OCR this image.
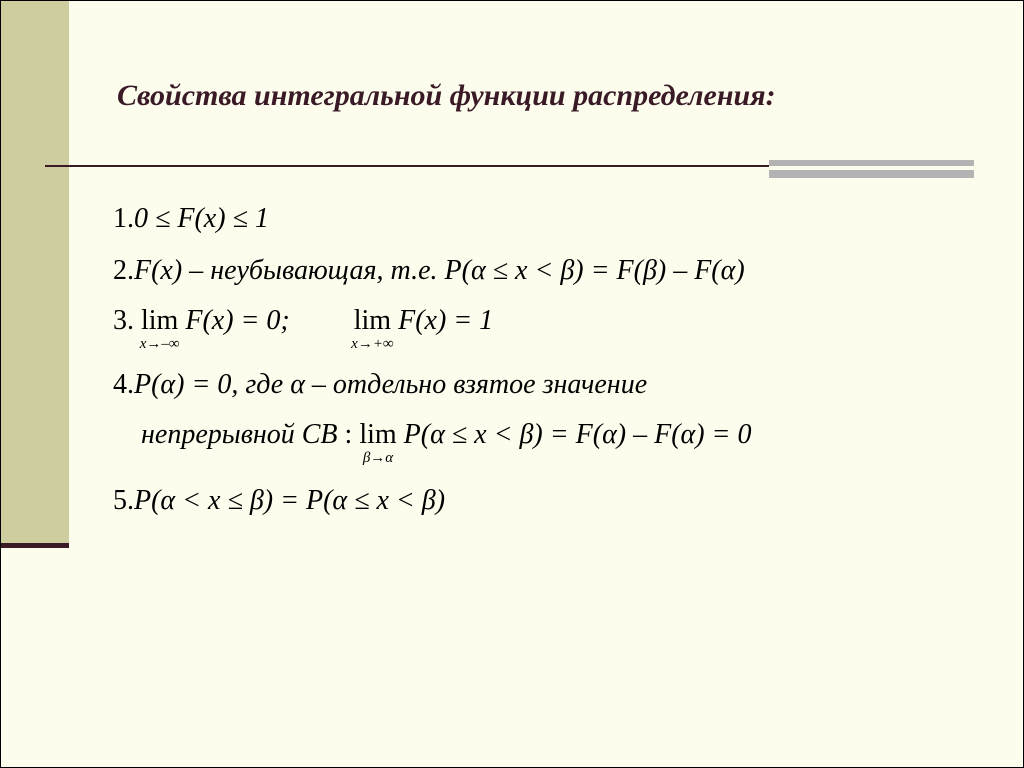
Свойства интегральной функции распределения:
1.0 ≤ F(x) ≤ 1
2.F(x) – неубывающая, т.е. P(α ≤ x < β) = F(β) – F(α)
3. lim
x→–∞
F(x) = 0; lim
x→+∞
F(x) = 1
4.P(α) = 0, где α – отдельно взятое значение
непрерывной СВ : lim
β→α
P(α ≤ x < β) = F(α) – F(α) = 0
5.P(α < x ≤ β) = P(α ≤ x < β)
